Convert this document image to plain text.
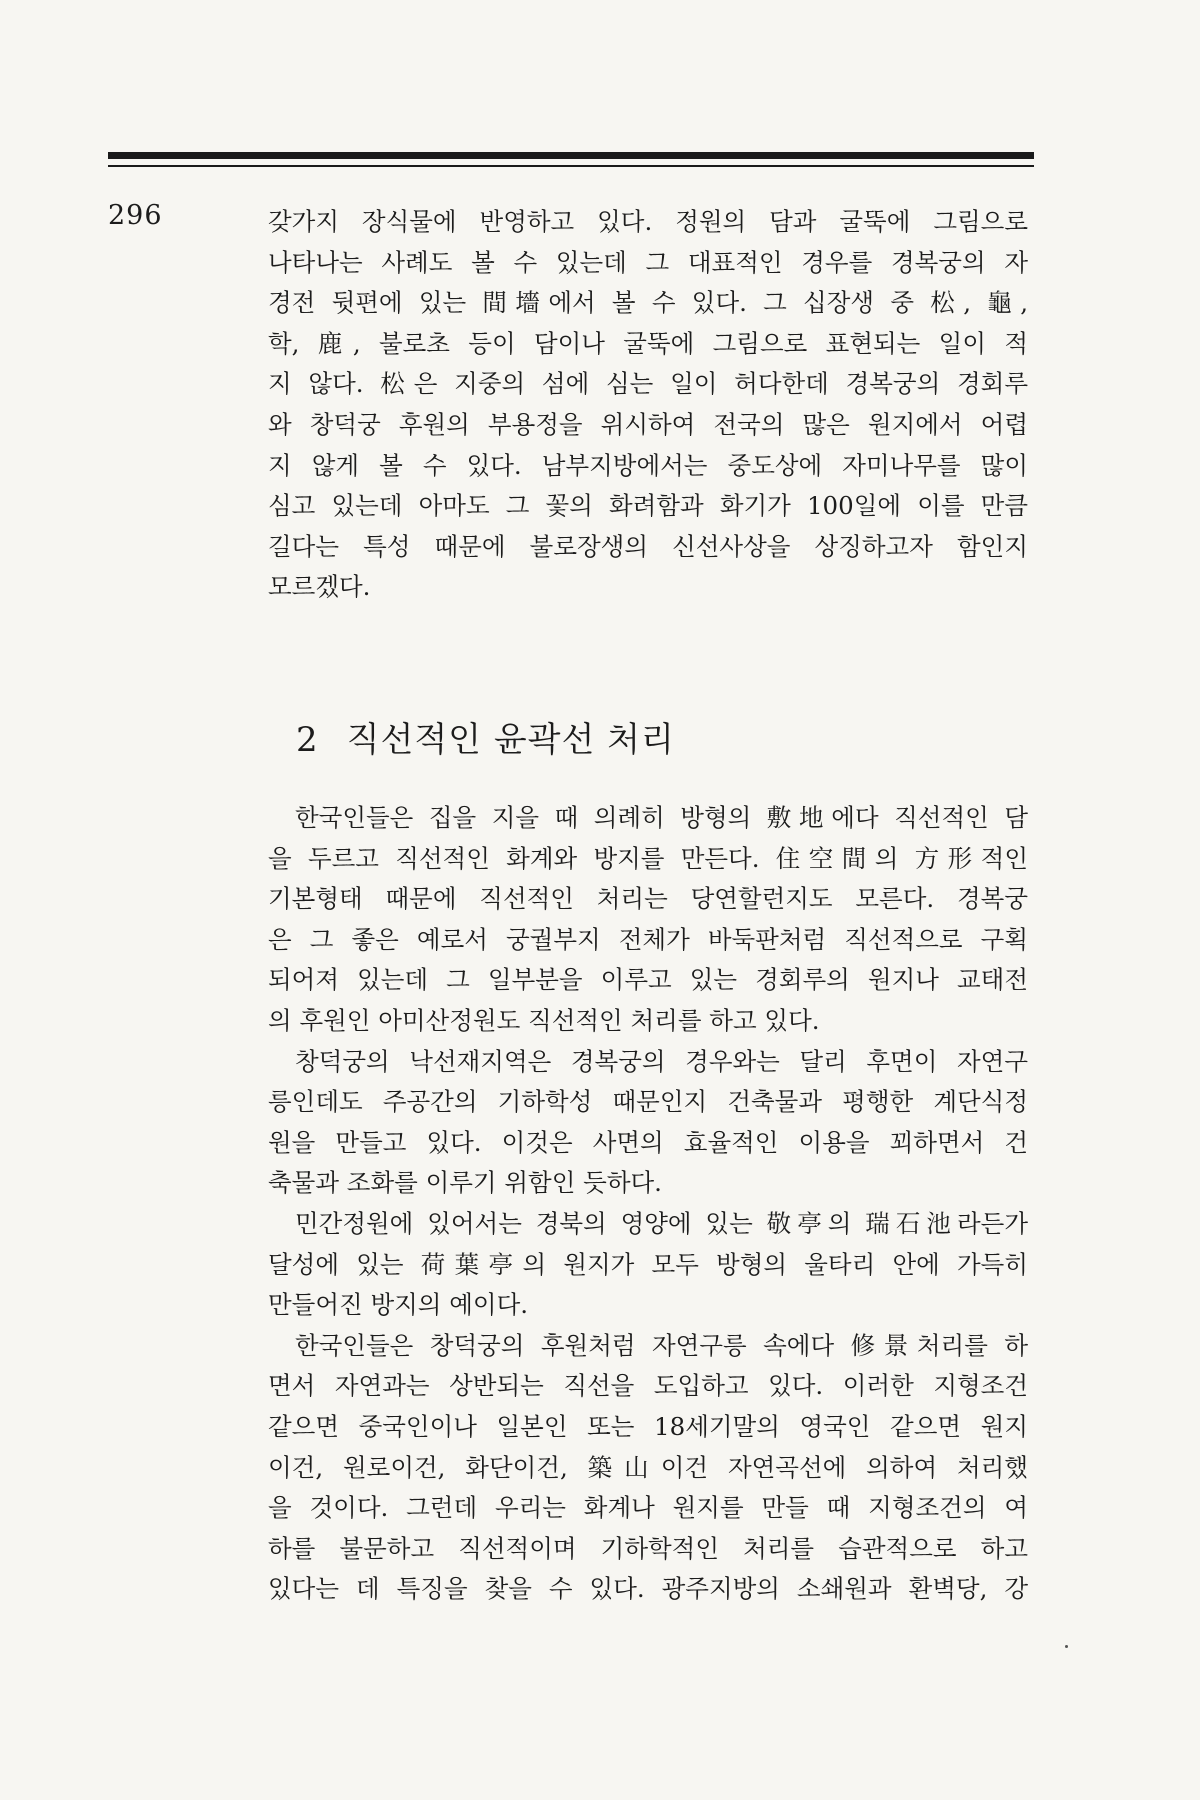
296	갖가지 장식물에 반영하고 있다. 정원의 담과 굴뚝에 그림으로
나타나는 사례도 볼 수 있는데 그 대표적인 경우를 경복궁의 자
경전 뒷편에 있는 間墻에서 볼 수 있다. 그 십장생 중 松, 龜,
학, 鹿, 불로초 등이 담이나 굴뚝에 그림으로 표현되는 일이 적
지 않다. 松은 지중의 섬에 심는 일이 허다한데 경복궁의 경회루
와 창덕궁 후원의 부용정을 위시하여 전국의 많은 원지에서 어렵
지 않게 볼 수 있다. 남부지방에서는 중도상에 자미나무를 많이
심고 있는데 아마도 그 꽃의 화려함과 화기가 100일에 이를 만큼
길다는 특성 때문에 불로장생의 신선사상을 상징하고자 함인지
모르겠다.
2 직선적인 윤곽선 처리
한국인들은 집을 지을 때 의례히 방형의 敷地에다 직선적인 담
을 두르고 직선적인 화계와 방지를 만든다. 住空間의 方形적인
기본형태 때문에 직선적인 처리는 당연할런지도 모른다. 경복궁
은 그 좋은 예로서 궁궐부지 전체가 바둑판처럼 직선적으로 구획
되어져 있는데 그 일부분을 이루고 있는 경회루의 원지나 교태전
의 후원인 아미산정원도 직선적인 처리를 하고 있다.
창덕궁의 낙선재지역은 경복궁의 경우와는 달리 후면이 자연구
릉인데도 주공간의 기하학성 때문인지 건축물과 평행한 계단식정
원을 만들고 있다. 이것은 사면의 효율적인 이용을 꾀하면서 건
축물과 조화를 이루기 위함인 듯하다.
민간정원에 있어서는 경북의 영양에 있는 敬亭의 瑞石池라든가
달성에 있는 荷葉亭의 원지가 모두 방형의 울타리 안에 가득히
만들어진 방지의 예이다.
한국인들은 창덕궁의 후원처럼 자연구릉 속에다 修景처리를 하
면서 자연과는 상반되는 직선을 도입하고 있다. 이러한 지형조건
같으면 중국인이나 일본인 또는 18세기말의 영국인 같으면 원지
이건, 원로이건, 화단이건, 築山이건 자연곡선에 의하여 처리했
을 것이다. 그런데 우리는 화계나 원지를 만들 때 지형조건의 여
하를 불문하고 직선적이며 기하학적인 처리를 습관적으로 하고
있다는 데 특징을 찾을 수 있다. 광주지방의 소쇄원과 환벽당, 강
